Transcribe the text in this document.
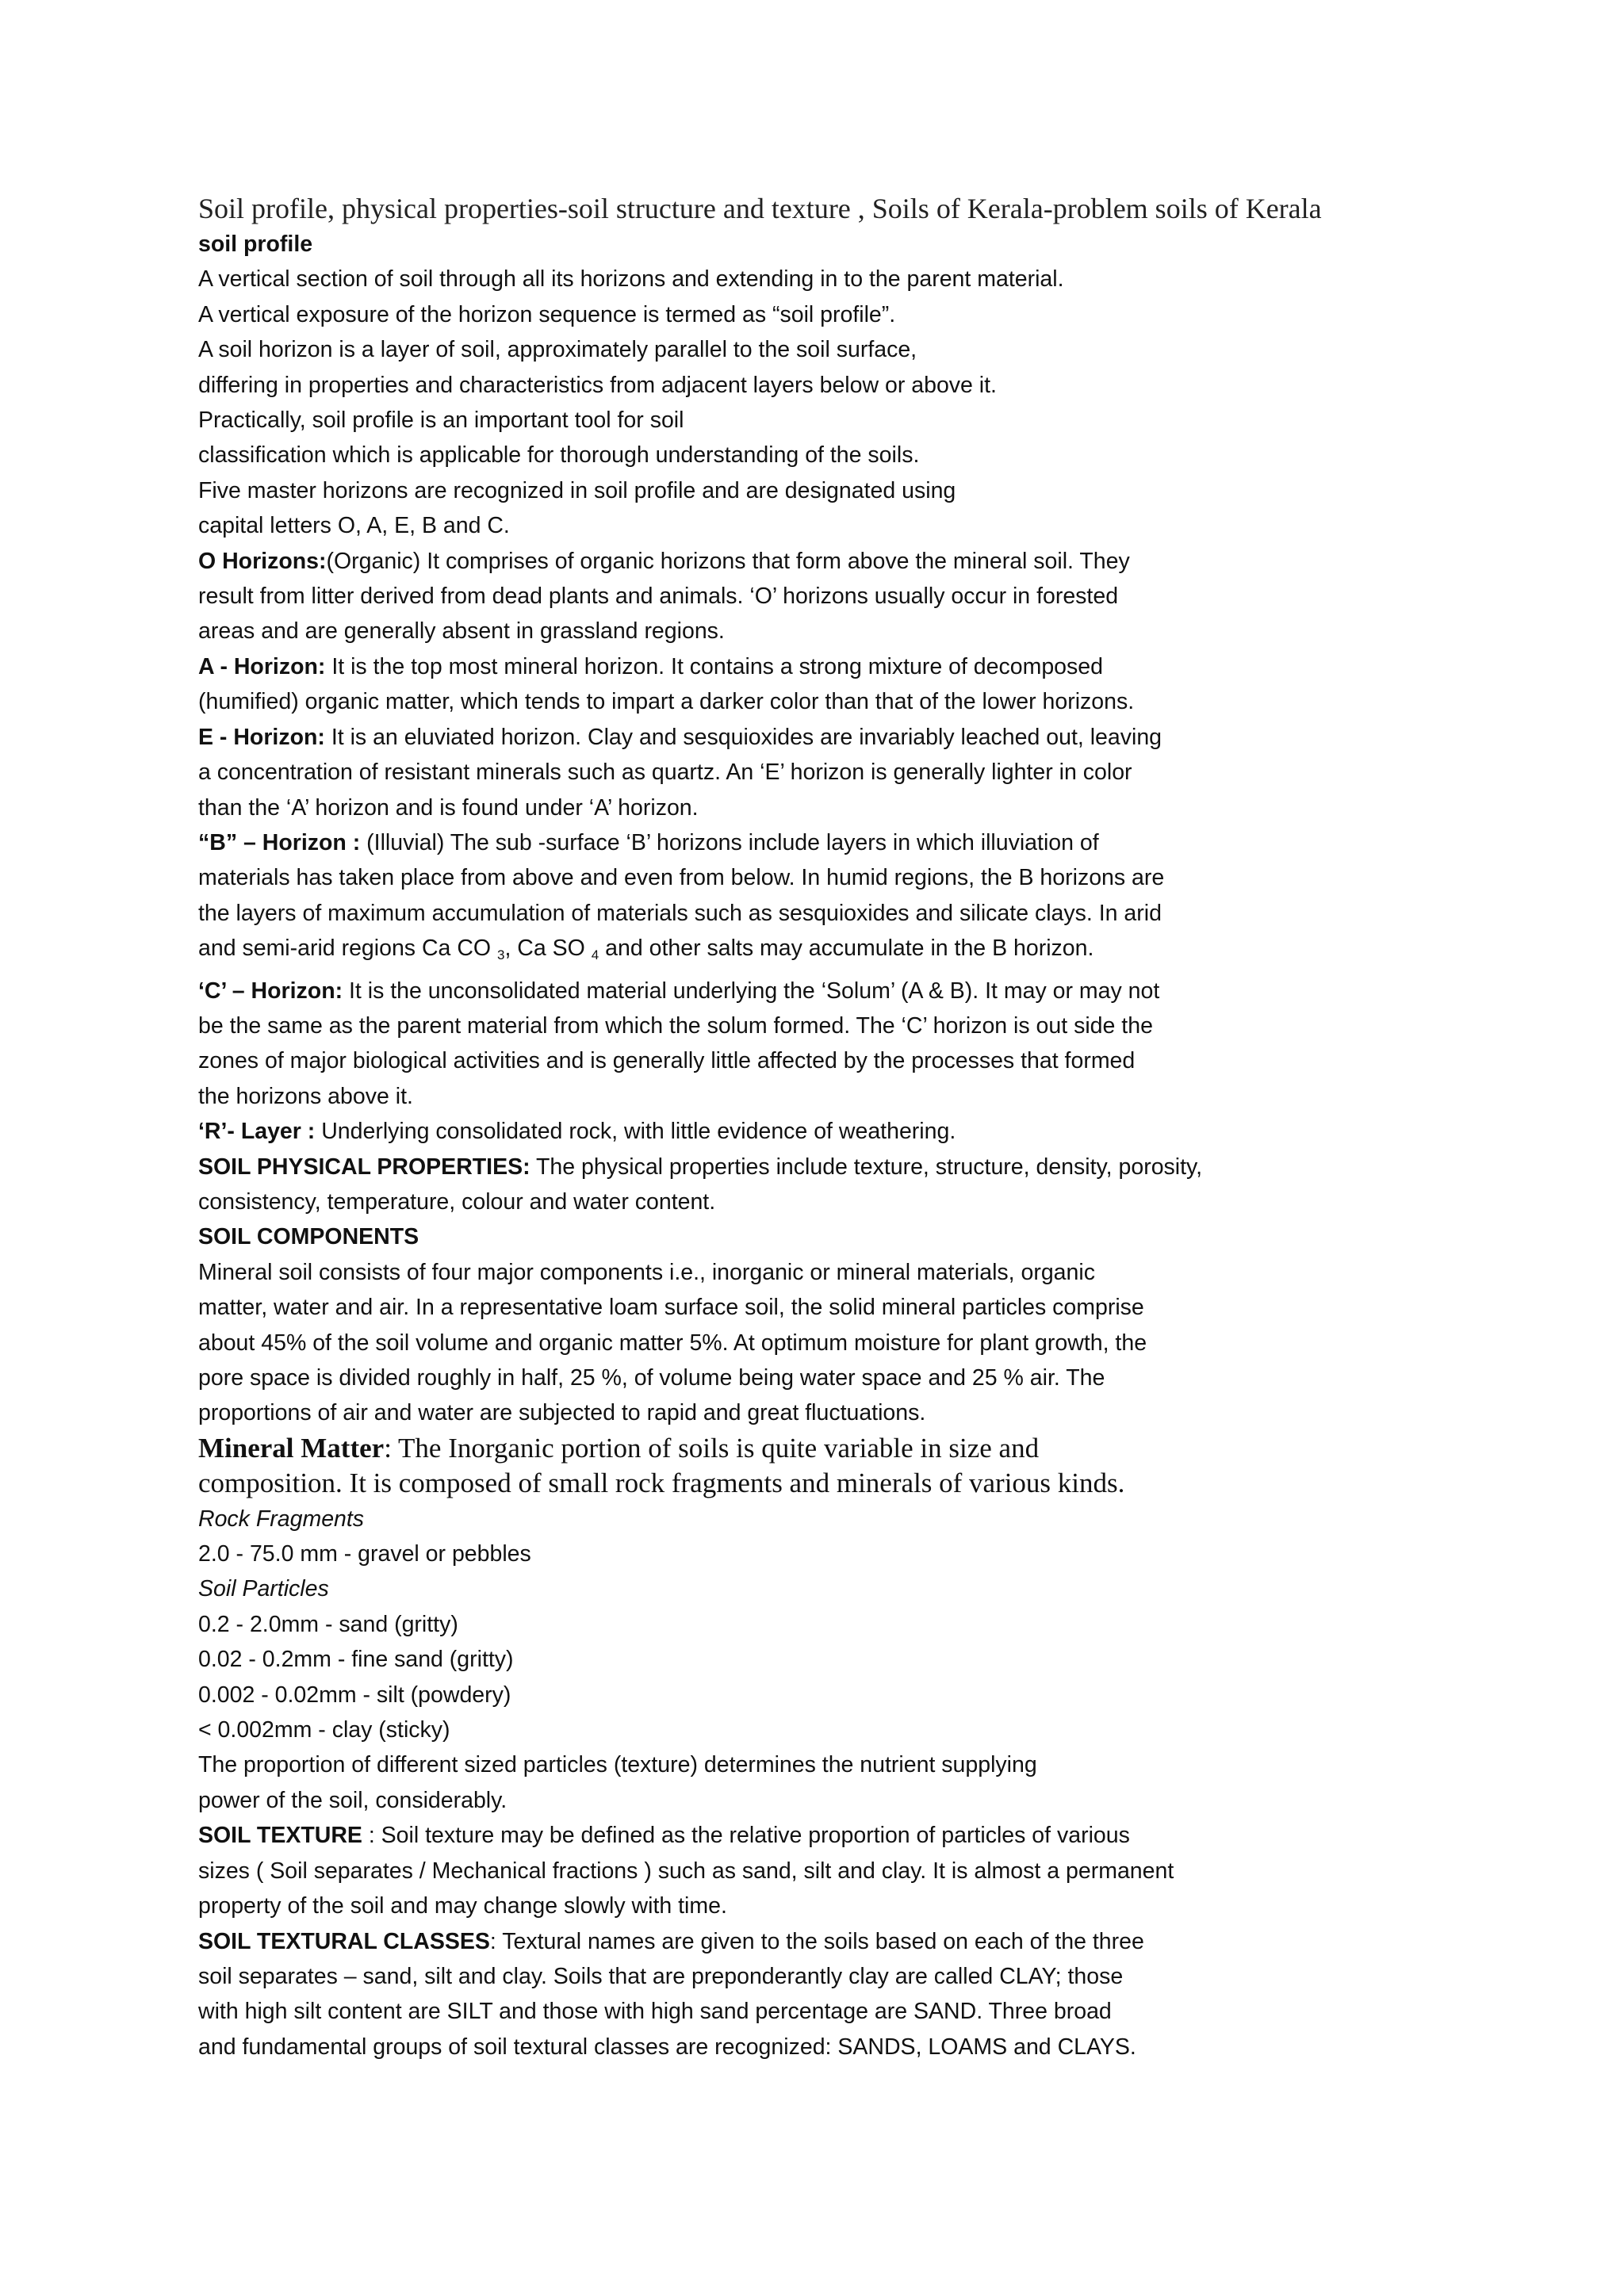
Soil profile, physical properties-soil structure and texture , Soils of Kerala-problem soils of Kerala
soil profile
A vertical section of soil through all its horizons and extending in to the parent material.
A vertical exposure of the horizon sequence is termed as “soil profile”.
A soil horizon is a layer of soil, approximately parallel to the soil surface,
differing in properties and characteristics from adjacent layers below or above it.
Practically, soil profile is an important tool for soil
classification which is applicable for thorough understanding of the soils.
Five master horizons are recognized in soil profile and are designated using
capital letters O, A, E, B and C.
O Horizons:(Organic) It comprises of organic horizons that form above the mineral soil. They
result from litter derived from dead plants and animals. ‘O’ horizons usually occur in forested
areas and are generally absent in grassland regions.
A - Horizon: It is the top most mineral horizon. It contains a strong mixture of decomposed
(humified) organic matter, which tends to impart a darker color than that of the lower horizons.
E - Horizon: It is an eluviated horizon. Clay and sesquioxides are invariably leached out, leaving
a concentration of resistant minerals such as quartz. An ‘E’ horizon is generally lighter in color
than the ‘A’ horizon and is found under ‘A’ horizon.
“B” – Horizon : (Illuvial) The sub -surface ‘B’ horizons include layers in which illuviation of
materials has taken place from above and even from below. In humid regions, the B horizons are
the layers of maximum accumulation of materials such as sesquioxides and silicate clays. In arid
and semi-arid regions Ca CO $_3$, Ca SO $_4$ and other salts may accumulate in the B horizon.
‘C’ – Horizon: It is the unconsolidated material underlying the ‘Solum’ (A & B). It may or may not
be the same as the parent material from which the solum formed. The ‘C’ horizon is out side the
zones of major biological activities and is generally little affected by the processes that formed
the horizons above it.
‘R’- Layer : Underlying consolidated rock, with little evidence of weathering.
SOIL PHYSICAL PROPERTIES: The physical properties include texture, structure, density, porosity,
consistency, temperature, colour and water content.
SOIL COMPONENTS
Mineral soil consists of four major components i.e., inorganic or mineral materials, organic
matter, water and air. In a representative loam surface soil, the solid mineral particles comprise
about 45% of the soil volume and organic matter 5%. At optimum moisture for plant growth, the
pore space is divided roughly in half, 25 %, of volume being water space and 25 % air. The
proportions of air and water are subjected to rapid and great fluctuations.
Mineral Matter: The Inorganic portion of soils is quite variable in size and
composition. It is composed of small rock fragments and minerals of various kinds.
Rock Fragments
2.0 - 75.0 mm - gravel or pebbles
Soil Particles
0.2 - 2.0mm - sand (gritty)
0.02 - 0.2mm - fine sand (gritty)
0.002 - 0.02mm - silt (powdery)
< 0.002mm - clay (sticky)
The proportion of different sized particles (texture) determines the nutrient supplying
power of the soil, considerably.
SOIL TEXTURE : Soil texture may be defined as the relative proportion of particles of various
sizes ( Soil separates / Mechanical fractions ) such as sand, silt and clay. It is almost a permanent
property of the soil and may change slowly with time.
SOIL TEXTURAL CLASSES: Textural names are given to the soils based on each of the three
soil separates – sand, silt and clay. Soils that are preponderantly clay are called CLAY; those
with high silt content are SILT and those with high sand percentage are SAND. Three broad
and fundamental groups of soil textural classes are recognized: SANDS, LOAMS and CLAYS.
